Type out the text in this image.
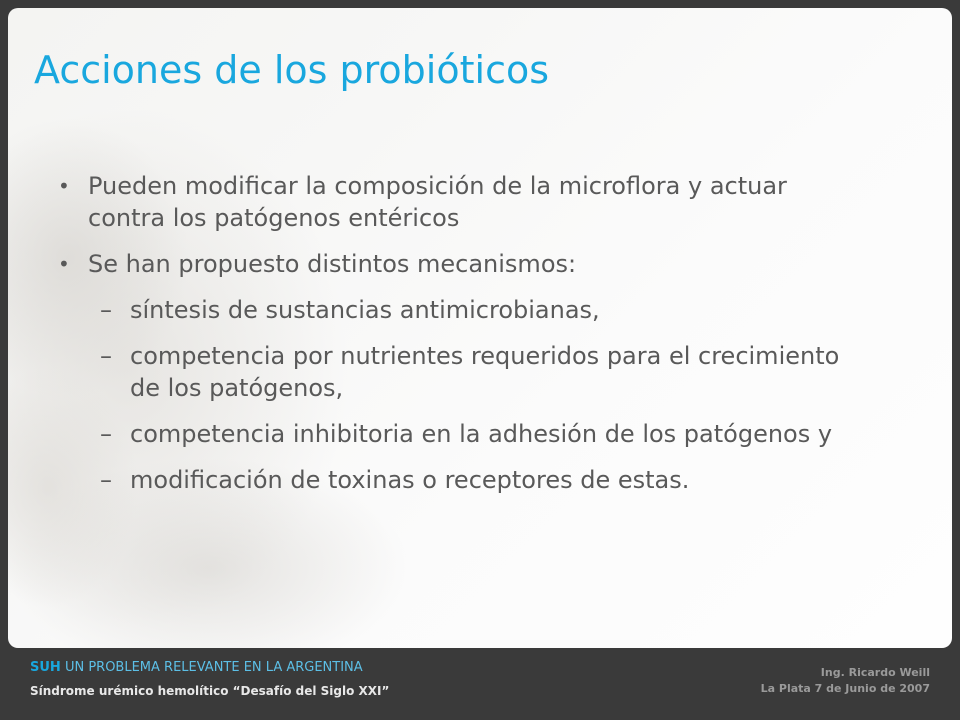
Acciones de los probióticos
• Pueden modificar la composición de la microflora y actuar contra los patógenos entéricos
• Se han propuesto distintos mecanismos:
– síntesis de sustancias antimicrobianas,
– competencia por nutrientes requeridos para el crecimiento de los patógenos,
– competencia inhibitoria en la adhesión de los patógenos y
– modificación de toxinas o receptores de estas.
SUH UN PROBLEMA RELEVANTE EN LA ARGENTINA
Síndrome urémico hemolítico “Desafío del Siglo XXI”
Ing. Ricardo Weill
La Plata 7 de Junio de 2007
